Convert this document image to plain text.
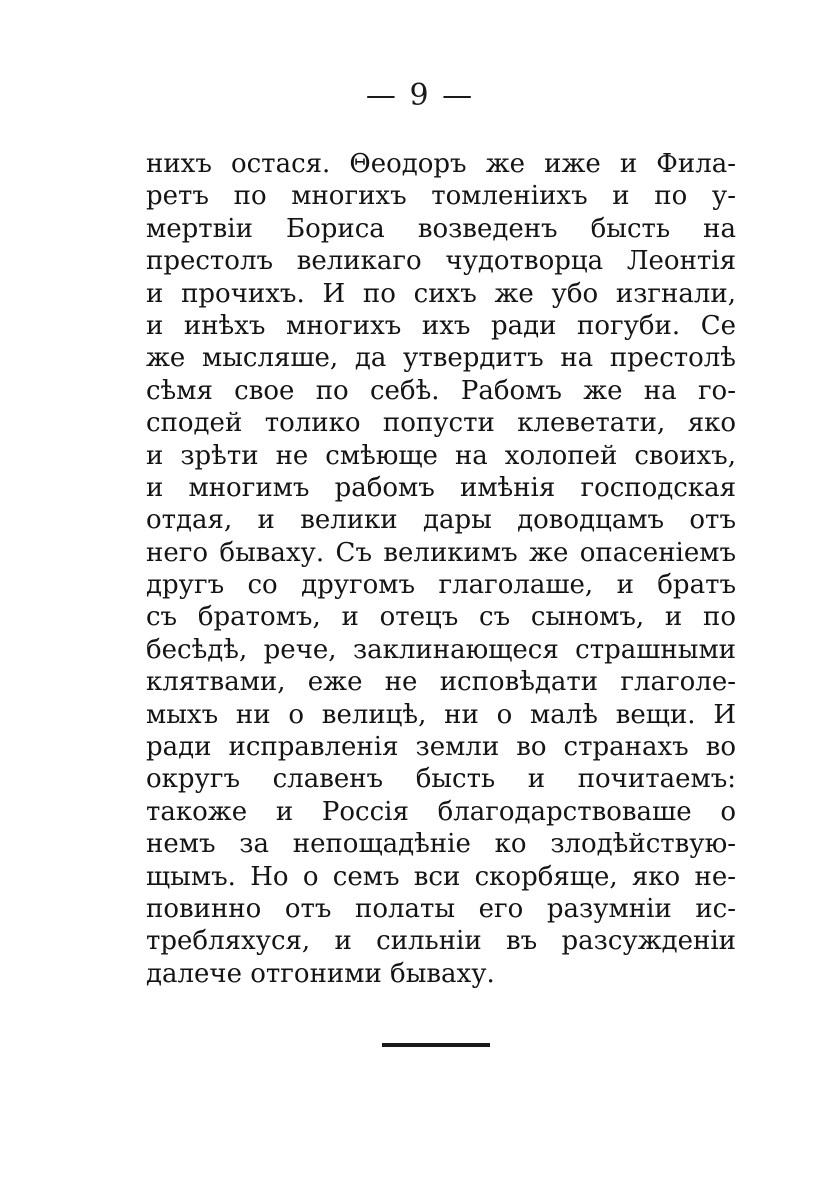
— 9 —
нихъ остася. Θеодоръ же иже и Фила-
ретъ по многихъ томленіихъ и по у-
мертвіи Бориса возведенъ бысть на
престолъ великаго чудотворца Леонтія
и прочихъ. И по сихъ же убо изгнали,
и инѣхъ многихъ ихъ ради погуби. Се
же мысляше, да утвердитъ на престолѣ
сѣмя свое по себѣ. Рабомъ же на го-
сподей толико попусти клеветати, яко
и зрѣти не смѣюще на холопей своихъ,
и многимъ рабомъ имѣнія господская
отдая, и велики дары доводцамъ отъ
него бываху. Съ великимъ же опасеніемъ
другъ со другомъ глаголаше, и братъ
съ братомъ, и отецъ съ сыномъ, и по
бесѣдѣ, рече, заклинающеся страшными
клятвами, еже не исповѣдати глаголе-
мыхъ ни о велицѣ, ни о малѣ вещи. И
ради исправленія земли во странахъ во
округъ славенъ бысть и почитаемъ:
такоже и Россія благодарствоваше о
немъ за непощадѣніе ко злодѣйствую-
щымъ. Но о семъ вси скорбяще, яко не-
повинно отъ полаты его разумніи ис-
требляхуся, и сильніи въ разсужденіи
далече отгоними бываху.
